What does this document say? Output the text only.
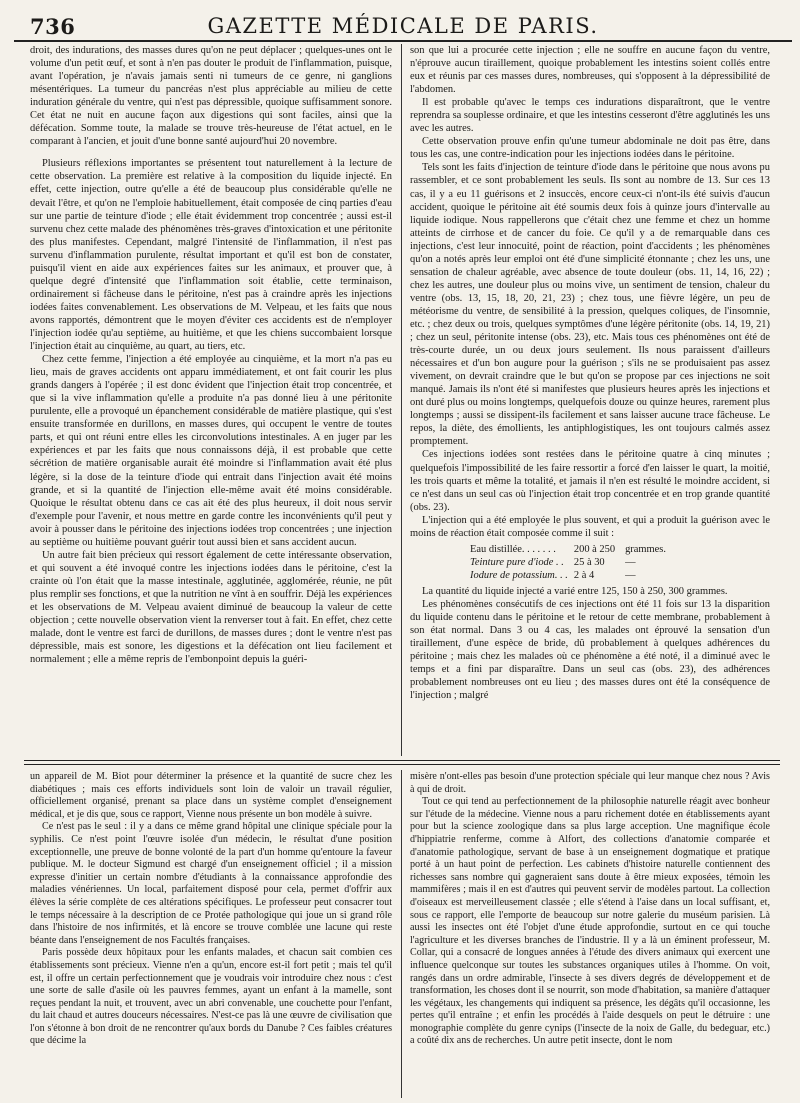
736	GAZETTE MÉDICALE DE PARIS.

droit, des indurations, des masses dures qu'on ne peut déplacer ; quelques-unes ont le volume d'un petit œuf, et sont à n'en pas douter le produit de l'inflammation, puisque, avant l'opération, je n'avais jamais senti ni tumeurs de ce genre, ni ganglions mésentériques. La tumeur du pancréas n'est plus appréciable au milieu de cette induration générale du ventre, qui n'est pas dépressible, quoique suffisamment sonore. Cet état ne nuit en aucune façon aux digestions qui sont faciles, ainsi que la défécation. Somme toute, la malade se trouve très-heureuse de l'état actuel, en le comparant à l'ancien, et jouit d'une bonne santé aujourd'hui 20 novembre.

Plusieurs réflexions importantes se présentent tout naturellement à la lecture de cette observation. La première est relative à la composition du liquide injecté. En effet, cette injection, outre qu'elle a été de beaucoup plus considérable qu'elle ne devait l'être, et qu'on ne l'emploie habituellement, était composée de cinq parties d'eau sur une partie de teinture d'iode ; elle était évidemment trop concentrée ; aussi est-il survenu chez cette malade des phénomènes très-graves d'intoxication et une péritonite des plus manifestes. Cependant, malgré l'intensité de l'inflammation, il n'est pas survenu d'inflammation purulente, résultat important et qu'il est bon de constater, puisqu'il vient en aide aux expériences faites sur les animaux, et prouver que, à quelque degré d'intensité que l'inflammation soit établie, cette terminaison, ordinairement si fâcheuse dans le péritoine, n'est pas à craindre après les injections iodées faites convenablement. Les observations de M. Velpeau, et les faits que nous avons rapportés, démontrent que le moyen d'éviter ces accidents est de n'employer l'injection iodée qu'au septième, au huitième, et que les chiens succombaient lorsque l'injection était au cinquième, au quart, au tiers, etc.

Chez cette femme, l'injection a été employée au cinquième, et la mort n'a pas eu lieu, mais de graves accidents ont apparu immédiatement, et ont fait courir les plus grands dangers à l'opérée ; il est donc évident que l'injection était trop concentrée, et que si la vive inflammation qu'elle a produite n'a pas donné lieu à une péritonite purulente, elle a provoqué un épanchement considérable de matière plastique, qui s'est ensuite transformée en durillons, en masses dures, qui occupent le ventre de toutes parts, et qui ont réuni entre elles les circonvolutions intestinales. A en juger par les expériences et par les faits que nous connaissons déjà, il est probable que cette sécrétion de matière organisable aurait été moindre si l'inflammation avait été plus légère, si la dose de la teinture d'iode qui entrait dans l'injection avait été moins grande, et si la quantité de l'injection elle-même avait été moins considérable. Quoique le résultat obtenu dans ce cas ait été des plus heureux, il doit nous servir d'exemple pour l'avenir, et nous mettre en garde contre les inconvénients qu'il peut y avoir à pousser dans le péritoine des injections iodées trop concentrées ; une injection au septième ou huitième pouvant guérir tout aussi bien et sans accident aucun.

Un autre fait bien précieux qui ressort également de cette intéressante observation, et qui souvent a été invoqué contre les injections iodées dans le péritoine, c'est la crainte où l'on était que la masse intestinale, agglutinée, agglomérée, réunie, ne pût plus remplir ses fonctions, et que la nutrition ne vînt à en souffrir. Déjà les expériences et les observations de M. Velpeau avaient diminué de beaucoup la valeur de cette objection ; cette nouvelle observation vient la renverser tout à fait. En effet, chez cette malade, dont le ventre est farci de durillons, de masses dures ; dont le ventre n'est pas dépressible, mais est sonore, les digestions et la défécation ont lieu facilement et normalement ; elle a même repris de l'embonpoint depuis la guéri-

son que lui a procurée cette injection ; elle ne souffre en aucune façon du ventre, n'éprouve aucun tiraillement, quoique probablement les intestins soient collés entre eux et réunis par ces masses dures, nombreuses, qui s'opposent à la dépressibilité de l'abdomen.

Il est probable qu'avec le temps ces indurations disparaîtront, que le ventre reprendra sa souplesse ordinaire, et que les intestins cesseront d'être agglutinés les uns avec les autres.

Cette observation prouve enfin qu'une tumeur abdominale ne doit pas être, dans tous les cas, une contre-indication pour les injections iodées dans le péritoine.

Tels sont les faits d'injection de teinture d'iode dans le péritoine que nous avons pu rassembler, et ce sont probablement les seuls. Ils sont au nombre de 13. Sur ces 13 cas, il y a eu 11 guérisons et 2 insuccès, encore ceux-ci n'ont-ils été suivis d'aucun accident, quoique le péritoine ait été soumis deux fois à quinze jours d'intervalle au liquide iodique. Nous rappellerons que c'était chez une femme et chez un homme atteints de cirrhose et de cancer du foie. Ce qu'il y a de remarquable dans ces injections, c'est leur innocuité, point de réaction, point d'accidents ; les phénomènes qu'on a notés après leur emploi ont été d'une simplicité étonnante ; chez les uns, une sensation de chaleur agréable, avec absence de toute douleur (obs. 11, 14, 16, 22) ; chez les autres, une douleur plus ou moins vive, un sentiment de tension, chaleur du ventre (obs. 13, 15, 18, 20, 21, 23) ; chez tous, une fièvre légère, un peu de météorisme du ventre, de sensibilité à la pression, quelques coliques, de l'insomnie, etc. ; chez deux ou trois, quelques symptômes d'une légère péritonite (obs. 14, 19, 21) ; chez un seul, péritonite intense (obs. 23), etc. Mais tous ces phénomènes ont été de très-courte durée, un ou deux jours seulement. Ils nous paraissent d'ailleurs nécessaires et d'un bon augure pour la guérison ; s'ils ne se produisaient pas assez vivement, on devrait craindre que le but qu'on se propose par ces injections ne soit manqué. Jamais ils n'ont été si manifestes que plusieurs heures après les injections et ont duré plus ou moins longtemps, quelquefois douze ou quinze heures, rarement plus longtemps ; aussi se dissipent-ils facilement et sans laisser aucune trace fâcheuse. Le repos, la diète, des émollients, les antiphlogistiques, les ont toujours calmés assez promptement.

Ces injections iodées sont restées dans le péritoine quatre à cinq minutes ; quelquefois l'impossibilité de les faire ressortir a forcé d'en laisser le quart, la moitié, les trois quarts et même la totalité, et jamais il n'en est résulté le moindre accident, si ce n'est dans un seul cas où l'injection était trop concentrée et en trop grande quantité (obs. 23).

L'injection qui a été employée le plus souvent, et qui a produit la guérison avec le moins de réaction était composée comme il suit :

Eau distillée. . . . . . .	200 à 250	grammes.
Teinture pure d'iode . .	25 à 30	—
Iodure de potassium. . .	2 à 4	—

La quantité du liquide injecté a varié entre 125, 150 à 250, 300 grammes.

Les phénomènes consécutifs de ces injections ont été 11 fois sur 13 la disparition du liquide contenu dans le péritoine et le retour de cette membrane, probablement à son état normal. Dans 3 ou 4 cas, les malades ont éprouvé la sensation d'un tiraillement, d'une espèce de bride, dû probablement à quelques adhérences du péritoine ; mais chez les malades où ce phénomène a été noté, il a diminué avec le temps et a fini par disparaître. Dans un seul cas (obs. 23), des adhérences probablement nombreuses ont eu lieu ; des masses dures ont été la conséquence de l'injection ; malgré

un appareil de M. Biot pour déterminer la présence et la quantité de sucre chez les diabétiques ; mais ces efforts individuels sont loin de valoir un travail régulier, officiellement organisé, prenant sa place dans un système complet d'enseignement médical, et je dis que, sous ce rapport, Vienne nous présente un bon modèle à suivre.

Ce n'est pas le seul : il y a dans ce même grand hôpital une clinique spéciale pour la syphilis. Ce n'est point l'œuvre isolée d'un médecin, le résultat d'une position exceptionnelle, une preuve de bonne volonté de la part d'un homme qu'entoure la faveur publique. M. le docteur Sigmund est chargé d'un enseignement officiel ; il a mission expresse d'initier un certain nombre d'étudiants à la connaissance approfondie des maladies vénériennes. Un local, parfaitement disposé pour cela, permet d'offrir aux élèves la série complète de ces altérations spécifiques. Le professeur peut consacrer tout le temps nécessaire à la description de ce Protée pathologique qui joue un si grand rôle dans l'histoire de nos infirmités, et là encore se trouve comblée une lacune qui reste béante dans l'enseignement de nos Facultés françaises.

Paris possède deux hôpitaux pour les enfants malades, et chacun sait combien ces établissements sont précieux. Vienne n'en a qu'un, encore est-il fort petit ; mais tel qu'il est, il offre un certain perfectionnement que je voudrais voir introduire chez nous : c'est une sorte de salle d'asile où les pauvres femmes, ayant un enfant à la mamelle, sont reçues pendant la nuit, et trouvent, avec un abri convenable, une couchette pour l'enfant, du lait chaud et autres douceurs nécessaires. N'est-ce pas là une œuvre de civilisation que l'on s'étonne à bon droit de ne rencontrer qu'aux bords du Danube ? Ces faibles créatures que décime la

misère n'ont-elles pas besoin d'une protection spéciale qui leur manque chez nous ? Avis à qui de droit.

Tout ce qui tend au perfectionnement de la philosophie naturelle réagit avec bonheur sur l'étude de la médecine. Vienne nous a paru richement dotée en établissements ayant pour but la science zoologique dans sa plus large acception. Une magnifique école d'hippiatrie renferme, comme à Alfort, des collections d'anatomie comparée et d'anatomie pathologique, servant de base à un enseignement dogmatique et pratique porté à un haut point de perfection. Les cabinets d'histoire naturelle contiennent des richesses sans nombre qui gagneraient sans doute à être mieux exposées, témoin les mammifères ; mais il en est d'autres qui peuvent servir de modèles partout. La collection d'oiseaux est merveilleusement classée ; elle s'étend à l'aise dans un local suffisant, et, sous ce rapport, elle l'emporte de beaucoup sur notre galerie du muséum parisien. Là aussi les insectes ont été l'objet d'une étude approfondie, surtout en ce qui touche l'agriculture et les diverses branches de l'industrie. Il y a là un éminent professeur, M. Collar, qui a consacré de longues années à l'étude des divers animaux qui exercent une influence quelconque sur toutes les substances organiques utiles à l'homme. On voit, rangés dans un ordre admirable, l'insecte à ses divers degrés de développement et de transformation, les choses dont il se nourrit, son mode d'habitation, sa manière d'attaquer les végétaux, les changements qui indiquent sa présence, les dégâts qu'il occasionne, les pertes qu'il entraîne ; et enfin les procédés à l'aide desquels on peut le détruire : une monographie complète du genre cynips (l'insecte de la noix de Galle, du bedeguar, etc.) a coûté dix ans de recherches. Un autre petit insecte, dont le nom
